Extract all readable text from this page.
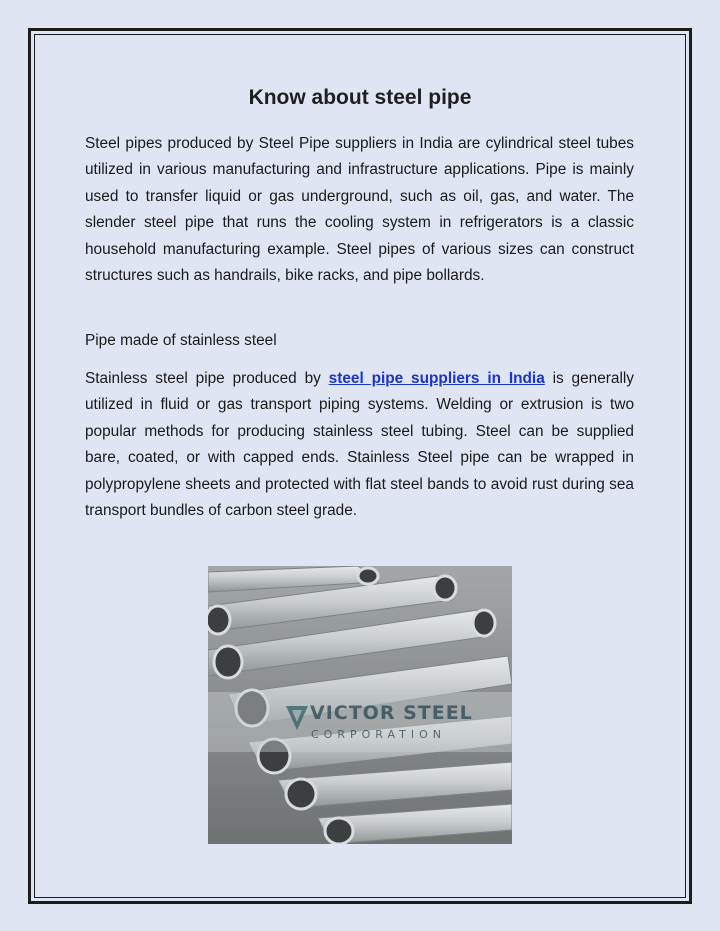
Know about steel pipe

Steel pipes produced by Steel Pipe suppliers in India are cylindrical steel tubes utilized in various manufacturing and infrastructure applications. Pipe is mainly used to transfer liquid or gas underground, such as oil, gas, and water. The slender steel pipe that runs the cooling system in refrigerators is a classic household manufacturing example. Steel pipes of various sizes can construct structures such as handrails, bike racks, and pipe bollards.

Pipe made of stainless steel

Stainless steel pipe produced by steel pipe suppliers in India is generally utilized in fluid or gas transport piping systems. Welding or extrusion is two popular methods for producing stainless steel tubing. Steel can be supplied bare, coated, or with capped ends. Stainless Steel pipe can be wrapped in polypropylene sheets and protected with flat steel bands to avoid rust during sea transport bundles of carbon steel grade.

VICTOR STEEL
CORPORATION
